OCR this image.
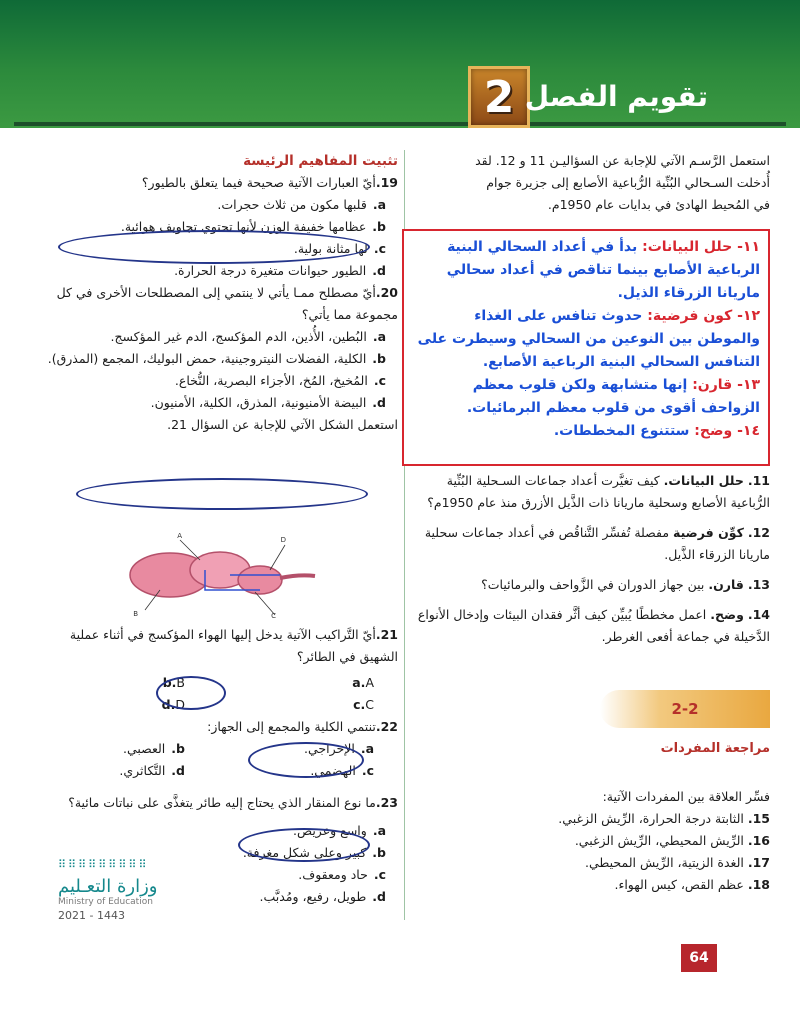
2 تقويم الفصل

استعمل الرَّسـم الآتي للإجابة عن السؤاليـن 11 و 12. لقد

أُدخلت السـحالي البُنِّية الرُّباعية الأصابع إلى جزيرة جوام

في المُحيط الهادئ في بدايات عام 1950م.

١١- حلل البيانات: بدأ في أعداد السحالي البنية الرباعية الأصابع بينما تناقص في أعداد سحالي ماريانا الزرقاء الذيل.
١٢- كون فرضية: حدوث تنافس على الغذاء والموطن بين النوعين من السحالي وسيطرت على التنافس السحالي البنية الرباعية الأصابع.
١٣- قارن: إنها متشابهة ولكن قلوب معظم الزواحف أقوى من قلوب معظم البرمائيات.
١٤- وضح: ستتنوع المخططات.
11. حلل البيانات. كيف تغيَّرت أعداد جماعات السـحلية البُنِّية الرُّباعية الأصابع وسحلية ماريانا ذات الذَّيل الأزرق منذ عام 1950م؟
12. كوِّن فرضية مفصلة تُفسِّر التَّناقُص في أعداد جماعات سحلية ماريانا الزرقاء الذَّيل.
13. قارن. بين جهاز الدوران في الزَّواحف والبرمائيات؟
14. وضح. اعمل مخططًا يُبيِّن كيف أثَّر فقدان البيئات وإدخال الأنواع الدَّخيلة في جماعة أفعى الغرطر.
2-2
مراجعة المفردات

فسِّر العلاقة بين المفردات الآتية:

15. الثابتة درجة الحرارة، الرِّيش الزغبي.
16. الرِّيش المحيطي، الرِّيش الزغبي.
17. الغدة الزيتية، الرِّيش المحيطي.
18. عظم القص، كيس الهواء.
تثبيت المفاهيم الرئيسة
19.أيّ العبارات الآتية صحيحة فيما يتعلق بالطيور؟
a.قلبها مكون من ثلاث حجرات.
b.عظامها خفيفة الوزن لأنها تحتوي تجاويف هوائية.
c.لها مثانة بولية.
d.الطيور حيوانات متغيرة درجة الحرارة.
20.أيّ مصطلح ممـا يأتي لا ينتمي إلى المصطلحات الأخرى في كل مجموعة مما يأتي؟
a.البُطين، الأُذين، الدم المؤكسج، الدم غير المؤكسج.
b.الكلية، الفضلات النيتروجينية، حمض البوليك، المجمع (المذرق).
c.المُخيخ، المُخ، الأجزاء البصرية، النُّخاع.
d.البيضة الأمنيونية، المذرق، الكلية، الأمنيون.
استعمل الشكل الآتي للإجابة عن السؤال 21.
A
B	C
D
21.أيّ التَّراكيب الآتية يدخل إليها الهواء المؤكسج في أثناء عملية الشهيق في الطائر؟
a.A
b.B
c.C
d.D
22.تنتمي الكلية والمجمع إلى الجهاز:
a.الإخراجي.
b.العصبي.
c.الهضمي.
d.التَّكاثري.
23.ما نوع المنقار الذي يحتاج إليه طائر يتغذَّى على نباتات مائية؟
a.واسع وعريض.
b.كبير وعلى شكل مغرفة.
c.حاد ومعقوف.
d.طويل، رفيع، ومُدبَّب.
⠿⠿⠿⠿⠿⠿⠿⠿⠿
وزارة التعـليم
Ministry of Education
2021 - 1443
64
